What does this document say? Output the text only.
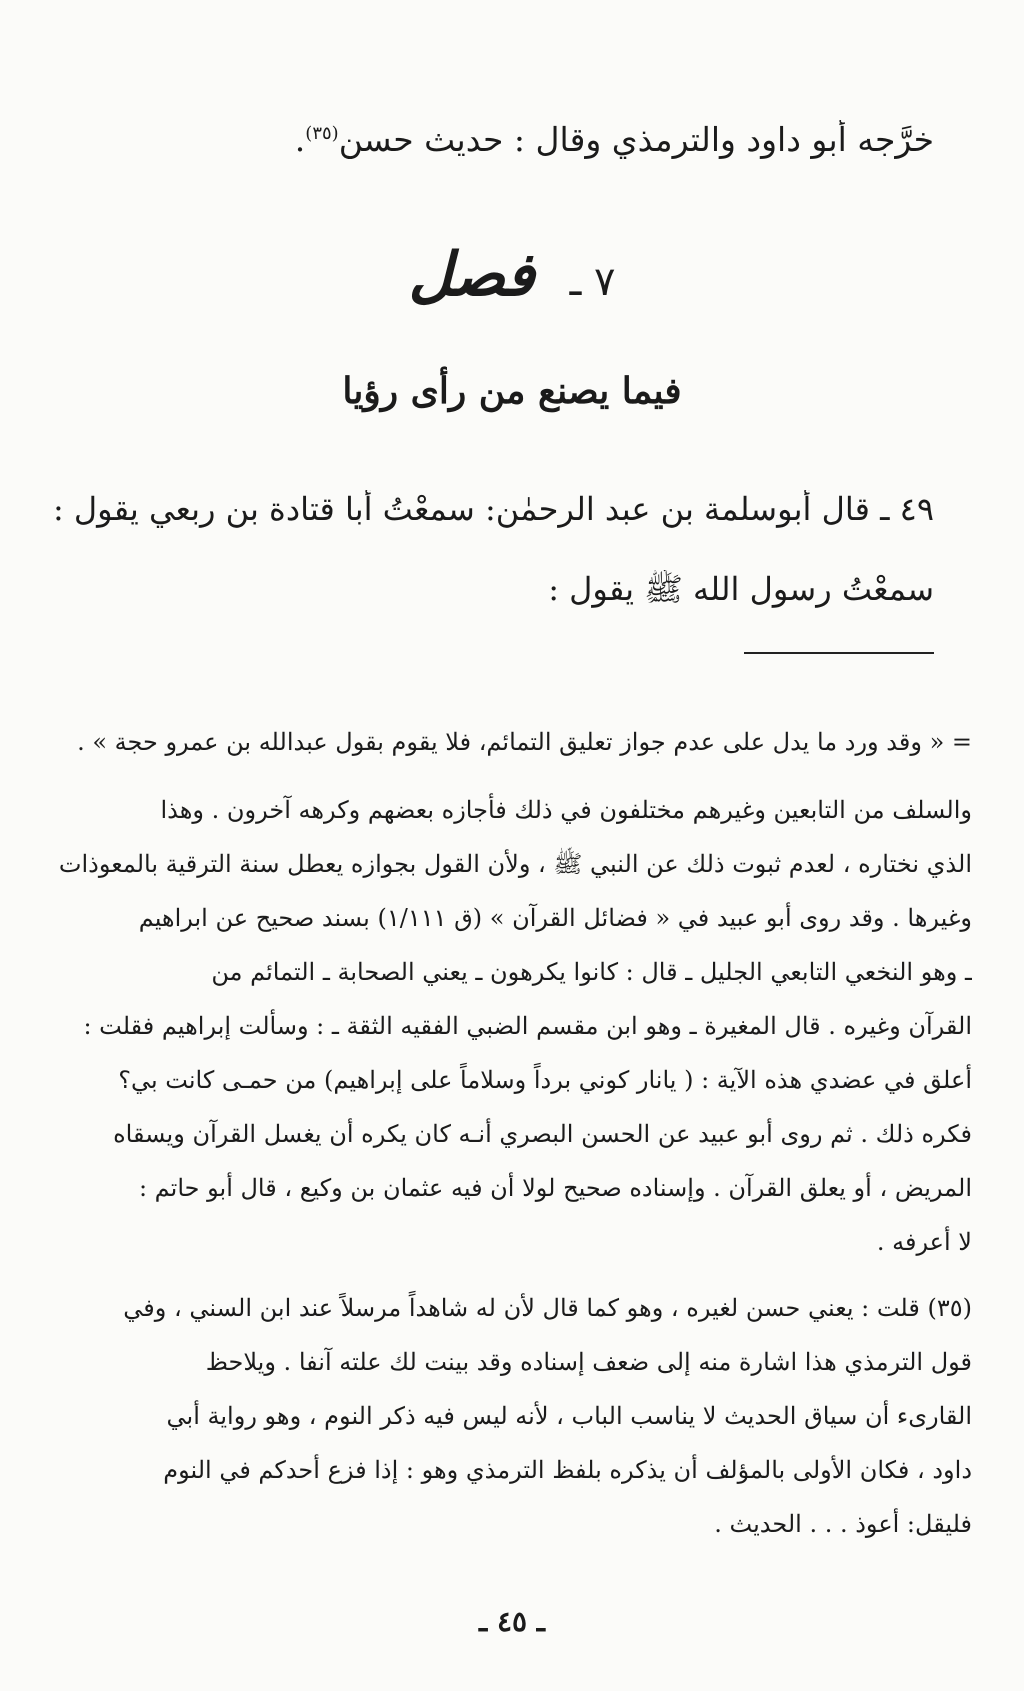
خرَّجه أبو داود والترمذي وقال : حديث حسن$^{(٣٥)}$.
٧ ـ فصل
فيما يصنع من رأى رؤيا
٤٩ ـ قال أبوسلمة بن عبد الرحمٰن: سمعْتُ أبا قتادة بن ربعي يقول :
سمعْتُ رسول الله ﷺ يقول :
= « وقد ورد ما يدل على عدم جواز تعليق التمائم، فلا يقوم بقول عبدالله بن عمرو حجة » .
والسلف من التابعين وغيرهم مختلفون في ذلك فأجازه بعضهم وكرهه آخرون . وهذا
الذي نختاره ، لعدم ثبوت ذلك عن النبي ﷺ ، ولأن القول بجوازه يعطل سنة الترقية بالمعوذات
وغيرها . وقد روى أبو عبيد في « فضائل القرآن » (ق ١/١١١) بسند صحيح عن ابراهيم
ـ وهو النخعي التابعي الجليل ـ قال : كانوا يكرهون ـ يعني الصحابة ـ التمائم من
القرآن وغيره . قال المغيرة ـ وهو ابن مقسم الضبي الفقيه الثقة ـ : وسألت إبراهيم فقلت :
أعلق في عضدي هذه الآية : ( يانار كوني برداً وسلاماً على إبراهيم) من حمـى كانت بي؟
فكره ذلك . ثم روى أبو عبيد عن الحسن البصري أنـه كان يكره أن يغسل القرآن ويسقاه
المريض ، أو يعلق القرآن . وإسناده صحيح لولا أن فيه عثمان بن وكيع ، قال أبو حاتم :
لا أعرفه .
(٣٥) قلت : يعني حسن لغيره ، وهو كما قال لأن له شاهداً مرسلاً عند ابن السني ، وفي
قول الترمذي هذا اشارة منه إلى ضعف إسناده وقد بينت لك علته آنفا . ويلاحظ
القارىء أن سياق الحديث لا يناسب الباب ، لأنه ليس فيه ذكر النوم ، وهو رواية أبي
داود ، فكان الأولى بالمؤلف أن يذكره بلفظ الترمذي وهو : إذا فزع أحدكم في النوم
فليقل: أعوذ . . . الحديث .
ـ ٤٥ ـ
